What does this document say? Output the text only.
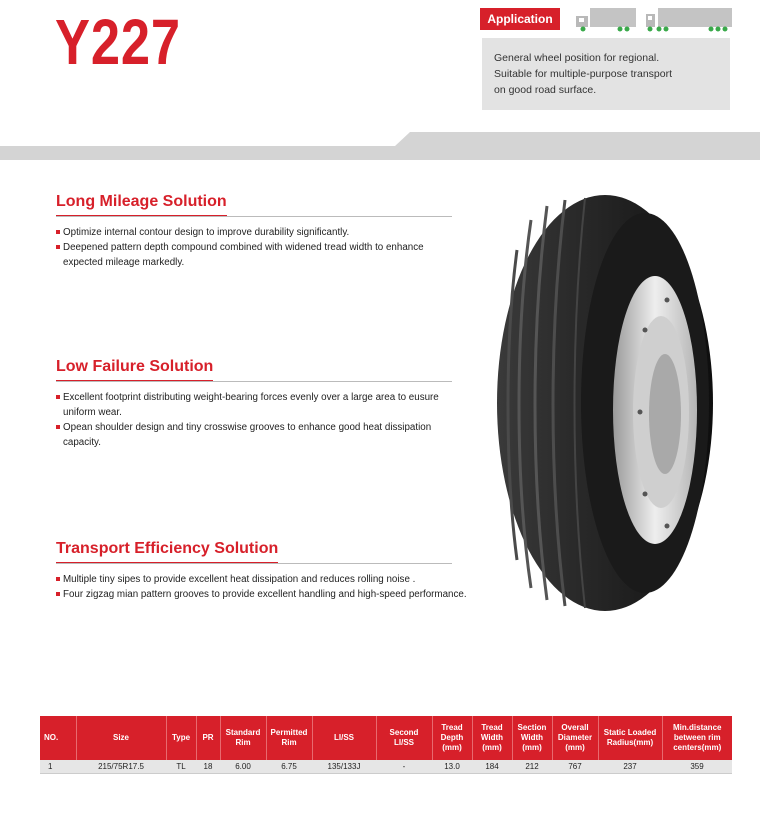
Y227	Application

General wheel position for regional.
Suitable for multiple-purpose transport
on good road surface.

Long Mileage Solution
Optimize internal contour design to improve durability significantly.
Deepened pattern depth compound combined with widened tread width to enhance expected mileage markedly.
Low Failure Solution
Excellent footprint distributing weight-bearing forces evenly over a large area to eusure uniform wear.
Opean shoulder design and tiny crosswise grooves to enhance good heat dissipation capacity.
Transport Efficiency Solution
Multiple tiny sipes to provide excellent heat dissipation and reduces rolling noise .
Four zigzag mian pattern grooves to provide excellent handling and high-speed performance.
NO.	Size	Type	PR	Standard Rim	Permitted Rim	LI/SS	Second LI/SS	Tread Depth (mm)	Tread Width (mm)	Section Width (mm)	Overall Diameter (mm)	Static Loaded Radius(mm)	Min.distance between rim centers(mm)
1	215/75R17.5	TL	18	6.00	6.75	135/133J	-	13.0	184	212	767	237	359
